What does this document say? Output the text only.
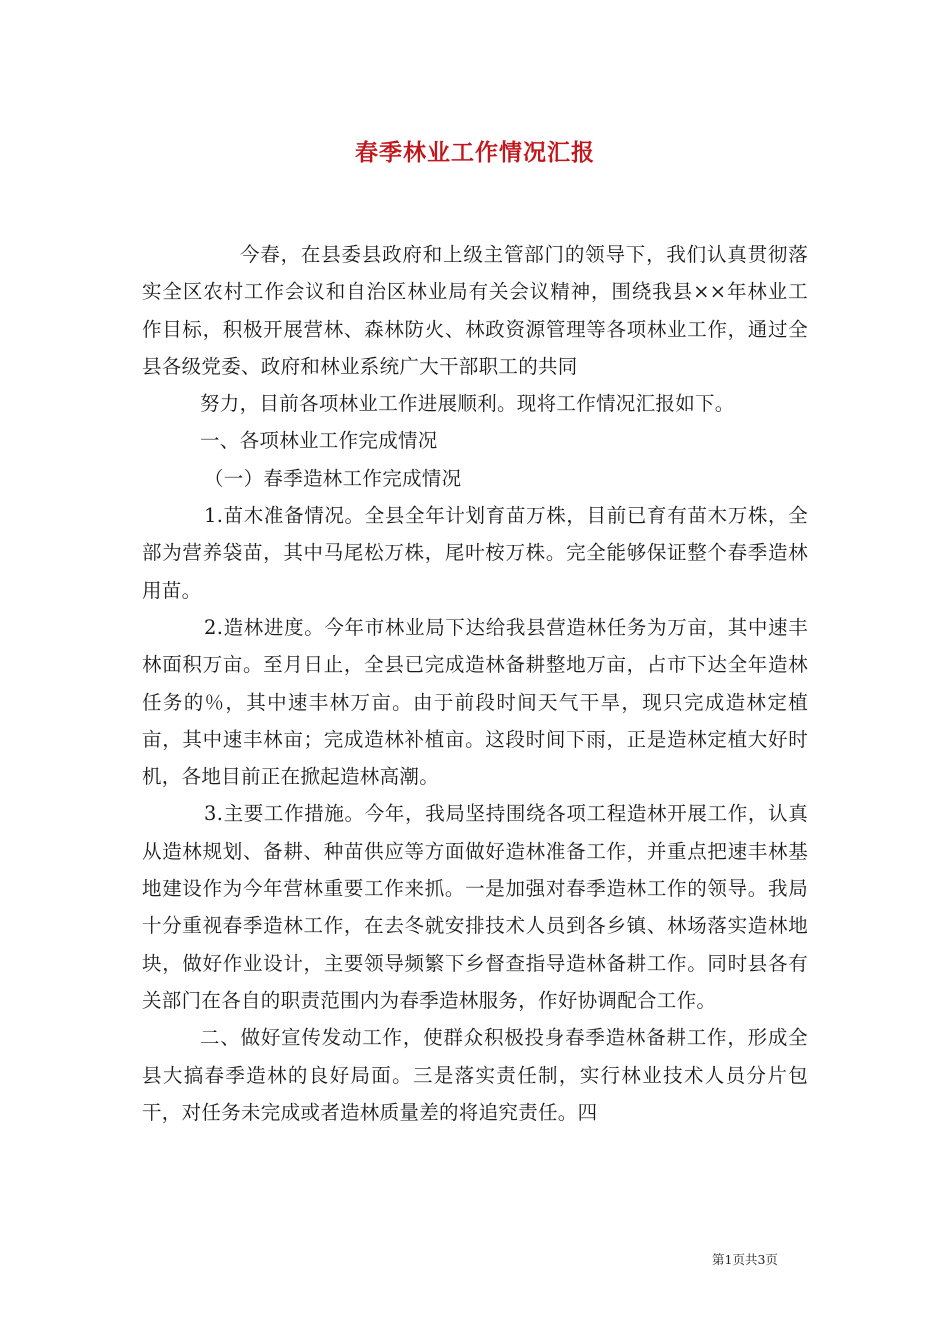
春季林业工作情况汇报

今春，在县委县政府和上级主管部门的领导下，我们认真贯彻落实全区农村工作会议和自治区林业局有关会议精神，围绕我县××年林业工作目标，积极开展营林、森林防火、林政资源管理等各项林业工作，通过全县各级党委、政府和林业系统广大干部职工的共同

努力，目前各项林业工作进展顺利。现将工作情况汇报如下。

一、各项林业工作完成情况

（一）春季造林工作完成情况

1.苗木准备情况。全县全年计划育苗万株，目前已育有苗木万株，全部为营养袋苗，其中马尾松万株，尾叶桉万株。完全能够保证整个春季造林用苗。

2.造林进度。今年市林业局下达给我县营造林任务为万亩，其中速丰林面积万亩。至月日止，全县已完成造林备耕整地万亩，占市下达全年造林任务的％，其中速丰林万亩。由于前段时间天气干旱，现只完成造林定植亩，其中速丰林亩；完成造林补植亩。这段时间下雨，正是造林定植大好时机，各地目前正在掀起造林高潮。

3.主要工作措施。今年，我局坚持围绕各项工程造林开展工作，认真从造林规划、备耕、种苗供应等方面做好造林准备工作，并重点把速丰林基地建设作为今年营林重要工作来抓。一是加强对春季造林工作的领导。我局十分重视春季造林工作，在去冬就安排技术人员到各乡镇、林场落实造林地块，做好作业设计，主要领导频繁下乡督查指导造林备耕工作。同时县各有关部门在各自的职责范围内为春季造林服务，作好协调配合工作。

二、做好宣传发动工作，使群众积极投身春季造林备耕工作，形成全县大搞春季造林的良好局面。三是落实责任制，实行林业技术人员分片包干，对任务未完成或者造林质量差的将追究责任。四

第1页共3页
